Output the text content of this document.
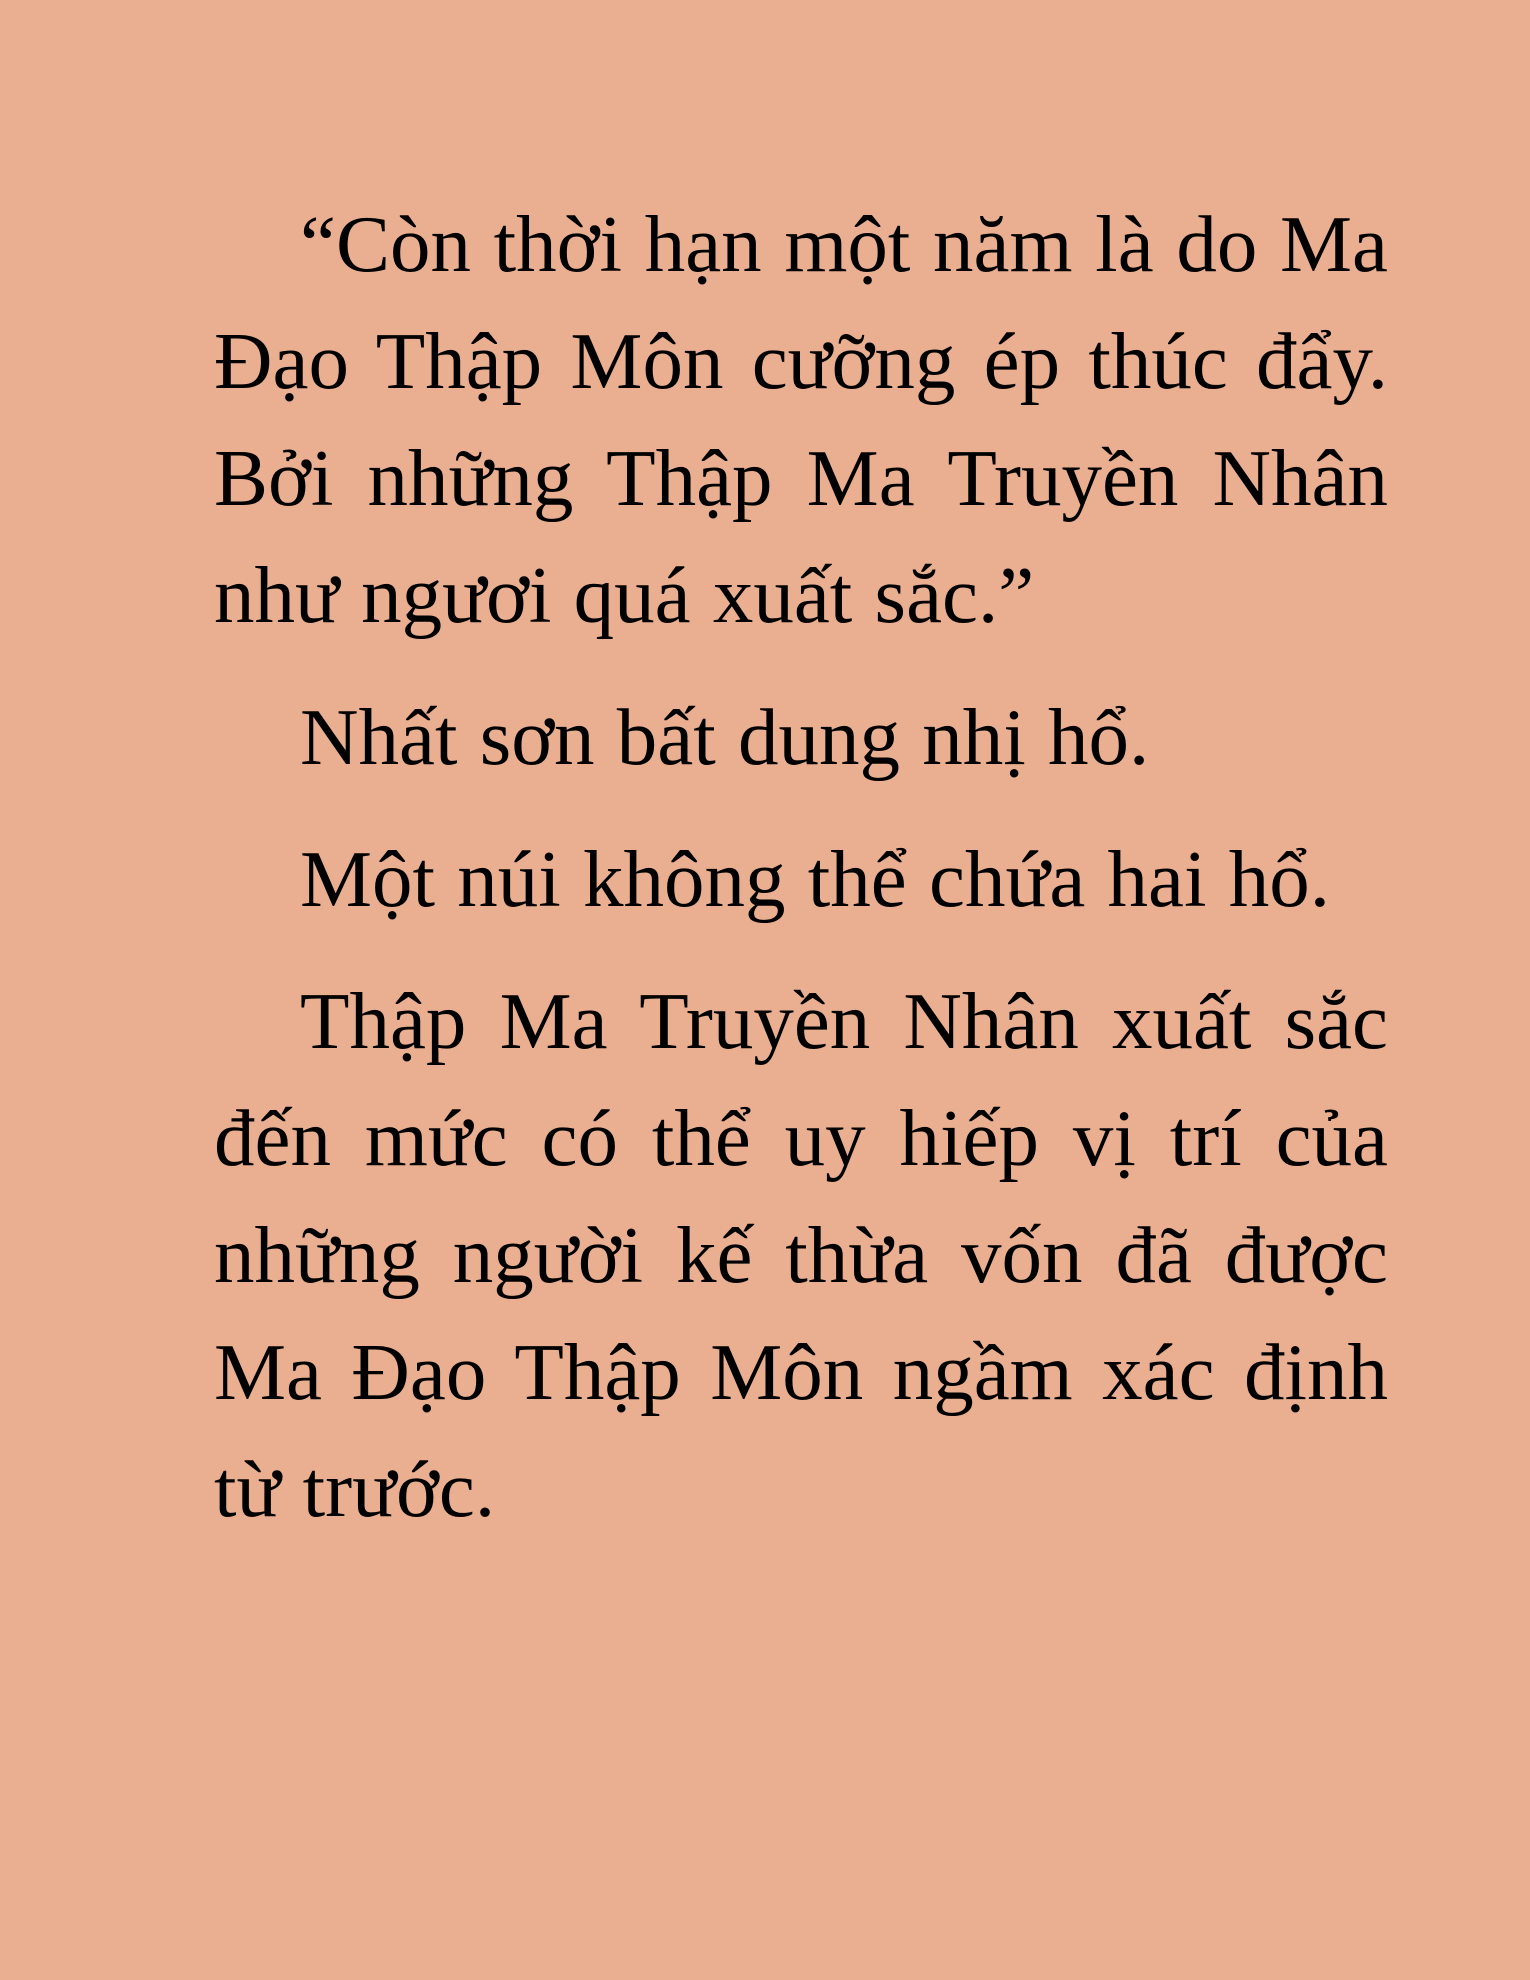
“Còn thời hạn một năm là do Ma Đạo Thập Môn cưỡng ép thúc đẩy. Bởi những Thập Ma Truyền Nhân như ngươi quá xuất sắc.”

Nhất sơn bất dung nhị hổ.

Một núi không thể chứa hai hổ.

Thập Ma Truyền Nhân xuất sắc đến mức có thể uy hiếp vị trí của những người kế thừa vốn đã được Ma Đạo Thập Môn ngầm xác định từ trước.
